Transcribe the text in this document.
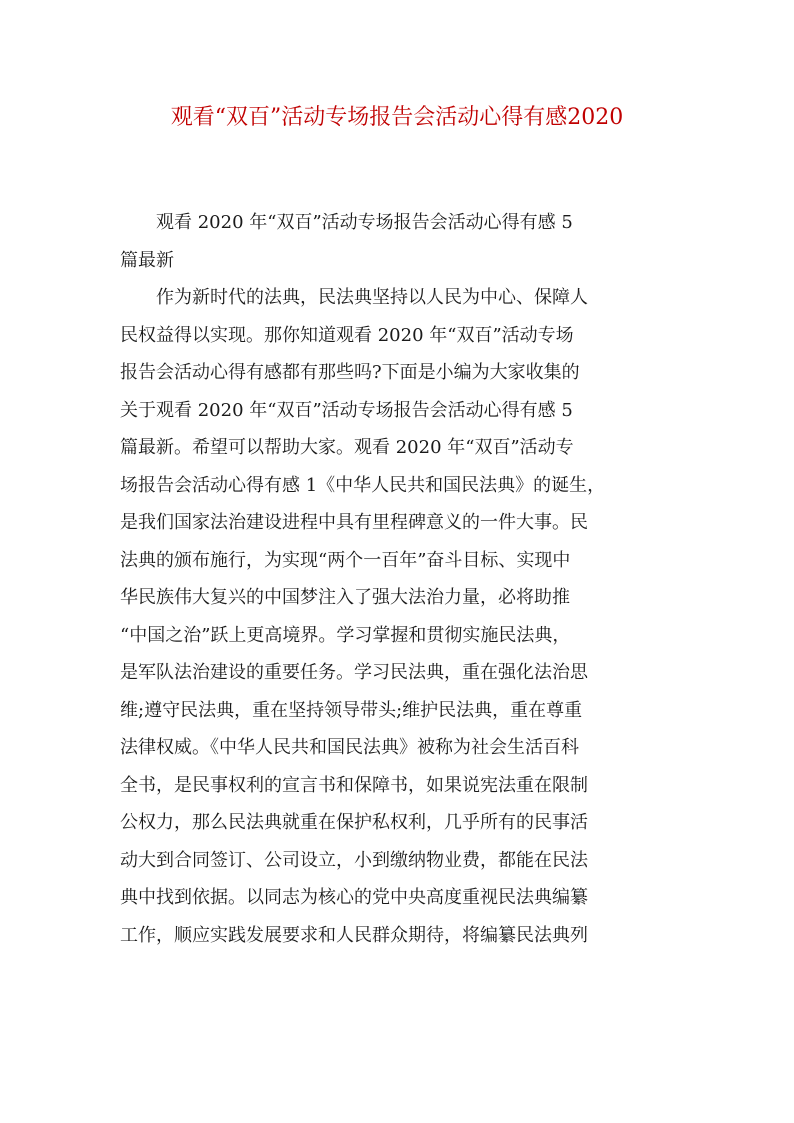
观看“双百”活动专场报告会活动心得有感2020
观看 2020 年“双百”活动专场报告会活动心得有感 5
篇最新
作为新时代的法典，民法典坚持以人民为中心、保障人
民权益得以实现。那你知道观看 2020 年“双百”活动专场
报告会活动心得有感都有那些吗?下面是小编为大家收集的
关于观看 2020 年“双百”活动专场报告会活动心得有感 5
篇最新。希望可以帮助大家。观看 2020 年“双百”活动专
场报告会活动心得有感 1《中华人民共和国民法典》的诞生，
是我们国家法治建设进程中具有里程碑意义的一件大事。民
法典的颁布施行，为实现“两个一百年”奋斗目标、实现中
华民族伟大复兴的中国梦注入了强大法治力量，必将助推
“中国之治”跃上更高境界。学习掌握和贯彻实施民法典，
是军队法治建设的重要任务。学习民法典，重在强化法治思
维;遵守民法典，重在坚持领导带头;维护民法典，重在尊重
法律权威。《中华人民共和国民法典》被称为社会生活百科
全书，是民事权利的宣言书和保障书，如果说宪法重在限制
公权力，那么民法典就重在保护私权利，几乎所有的民事活
动大到合同签订、公司设立，小到缴纳物业费，都能在民法
典中找到依据。以同志为核心的党中央高度重视民法典编纂
工作，顺应实践发展要求和人民群众期待，将编纂民法典列
